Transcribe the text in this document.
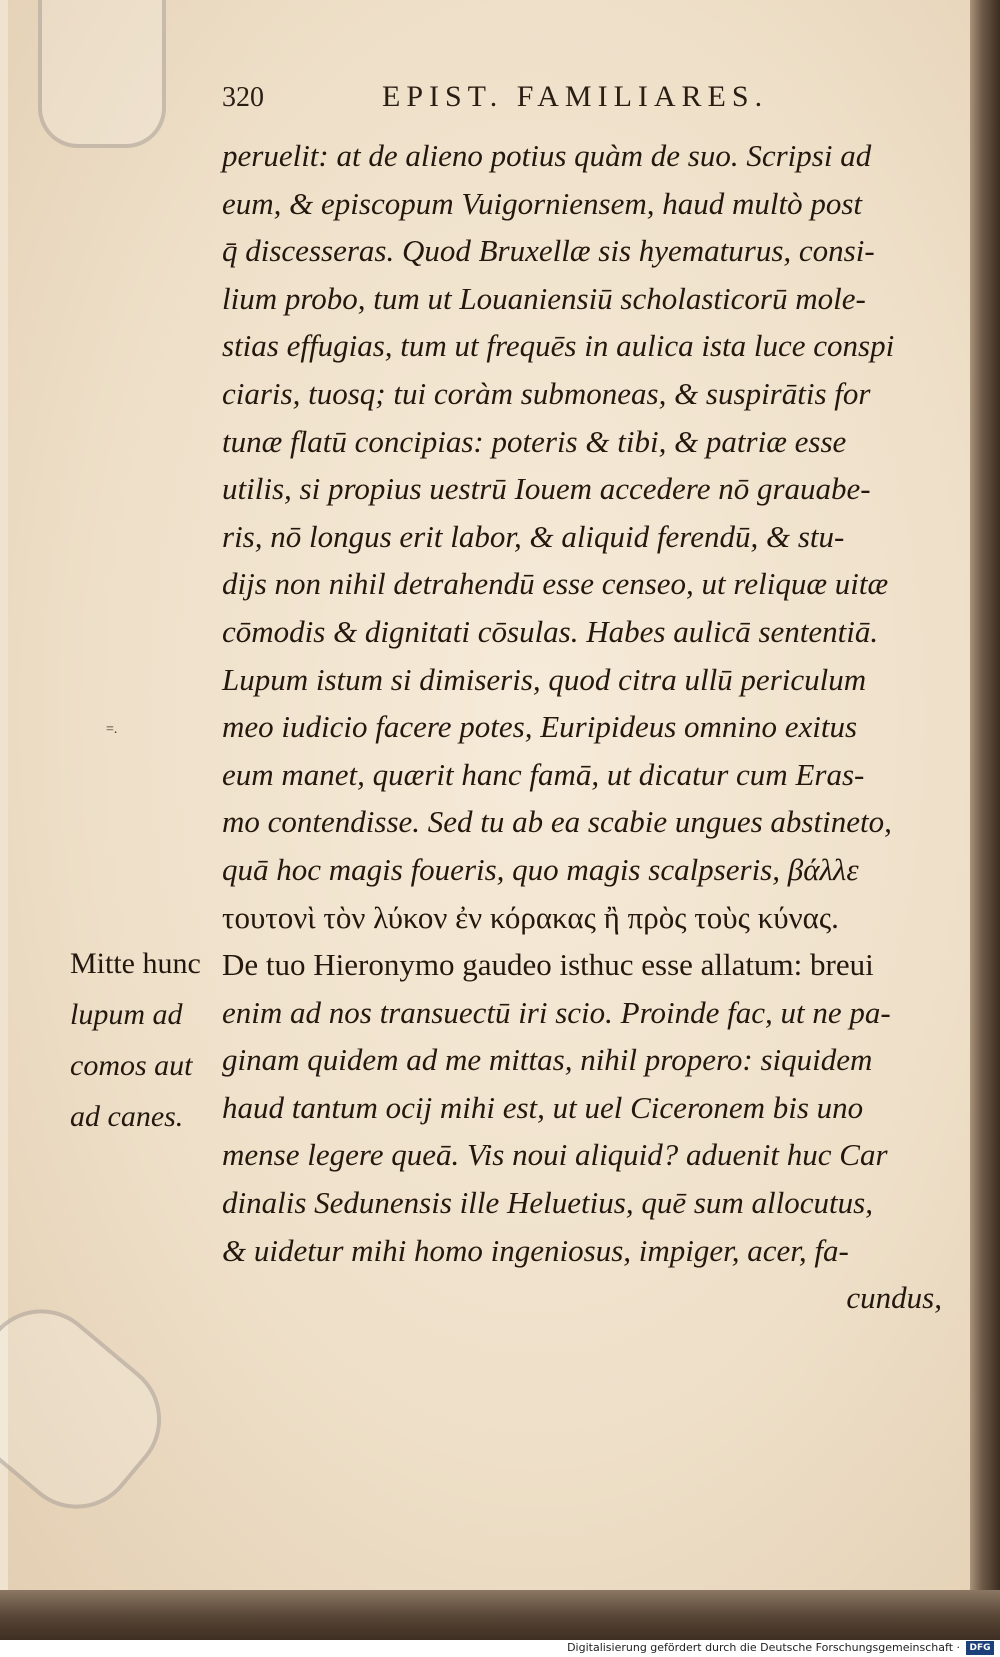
320	EPIST. FAMILIARES.
=.
peruelit: at de alieno potius quàm de suo. Scripsi ad
eum, & episcopum Vuigorniensem, haud multò post
q̄ discesseras. Quod Bruxellæ sis hyematurus, consi-
lium probo, tum ut Louaniensiū scholasticorū mole-
stias effugias, tum ut frequēs in aulica ista luce conspi
ciaris, tuosq; tui coràm submoneas, & suspirātis for
tunæ flatū concipias: poteris & tibi, & patriæ esse
utilis, si propius uestrū Iouem accedere nō grauabe-
ris, nō longus erit labor, & aliquid ferendū, & stu-
dijs non nihil detrahendū esse censeo, ut reliquæ uitæ
cōmodis & dignitati cōsulas. Habes aulicā sententiā.
Lupum istum si dimiseris, quod citra ullū periculum
meo iudicio facere potes, Euripideus omnino exitus
eum manet, quærit hanc famā, ut dicatur cum Eras-
mo contendisse. Sed tu ab ea scabie ungues abstineto,
quā hoc magis foueris, quo magis scalpseris, βάλλε
τουτονὶ τὸν λύκον ἐν κόρακας ἢ πρὸς τοὺς κύνας.
De tuo Hieronymo gaudeo isthuc esse allatum: breui
enim ad nos transuectū iri scio. Proinde fac, ut ne pa-
ginam quidem ad me mittas, nihil propero: siquidem
haud tantum ocij mihi est, ut uel Ciceronem bis uno
mense legere queā. Vis noui aliquid? aduenit huc Car
dinalis Sedunensis ille Heluetius, quē sum allocutus,
& uidetur mihi homo ingeniosus, impiger, acer, fa-
cundus,
Mitte hunc
lupum ad
comos aut
ad canes.
Digitalisierung gefördert durch die Deutsche Forschungsgemeinschaft ·	DFG
